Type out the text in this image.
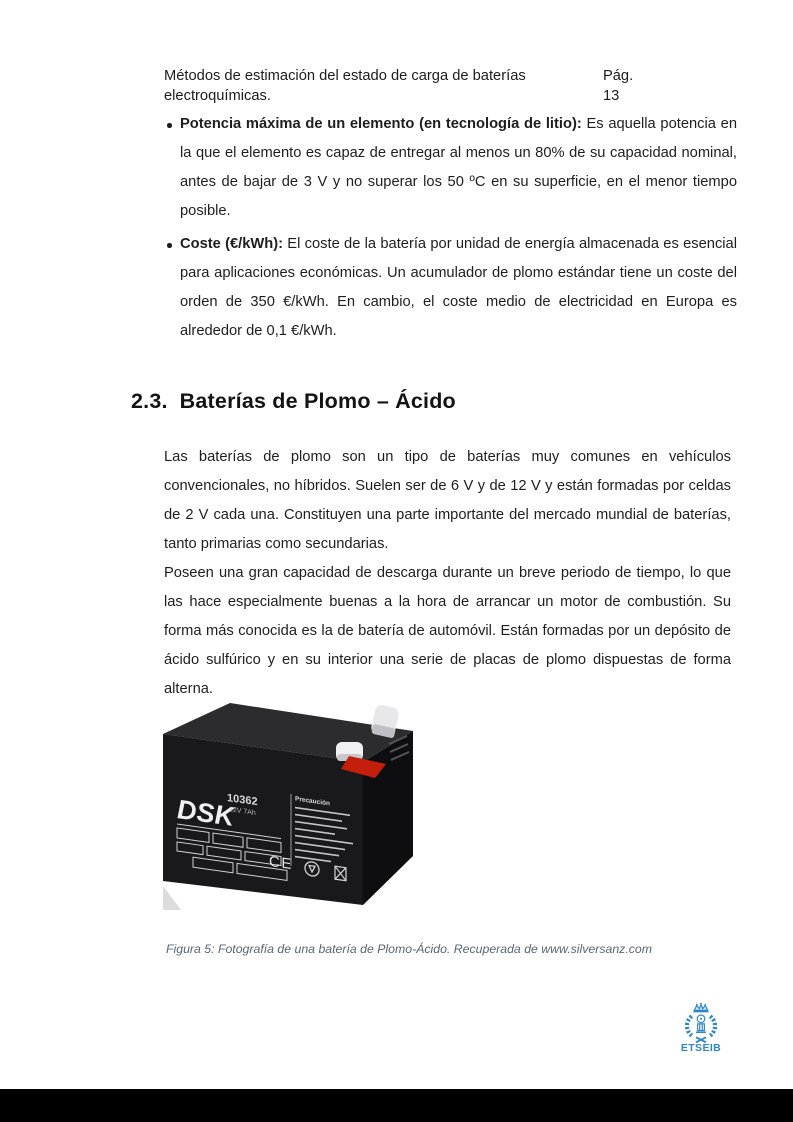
Métodos de estimación del estado de carga de baterías electroquímicas.
Pág. 13
Potencia máxima de un elemento (en tecnología de litio): Es aquella potencia en la que el elemento es capaz de entregar al menos un 80% de su capacidad nominal, antes de bajar de 3 V y no superar los 50 ºC en su superficie, en el menor tiempo posible.
Coste (€/kWh): El coste de la batería por unidad de energía almacenada es esencial para aplicaciones económicas. Un acumulador de plomo estándar tiene un coste del orden de 350 €/kWh. En cambio, el coste medio de electricidad en Europa es alrededor de 0,1 €/kWh.
2.3. Baterías de Plomo – Ácido
Las baterías de plomo son un tipo de baterías muy comunes en vehículos convencionales, no híbridos. Suelen ser de 6 V y de 12 V y están formadas por celdas de 2 V cada una. Constituyen una parte importante del mercado mundial de baterías, tanto primarias como secundarias.
Poseen una gran capacidad de descarga durante un breve periodo de tiempo, lo que las hace especialmente buenas a la hora de arrancar un motor de combustión. Su forma más conocida es la de batería de automóvil. Están formadas por un depósito de ácido sulfúrico y en su interior una serie de placas de plomo dispuestas de forma alterna.
DSK
10362
12V 7Ah
Precaución
CE
Figura 5: Fotografía de una batería de Plomo-Ácido. Recuperada de www.silversanz.com
ETSEIB
